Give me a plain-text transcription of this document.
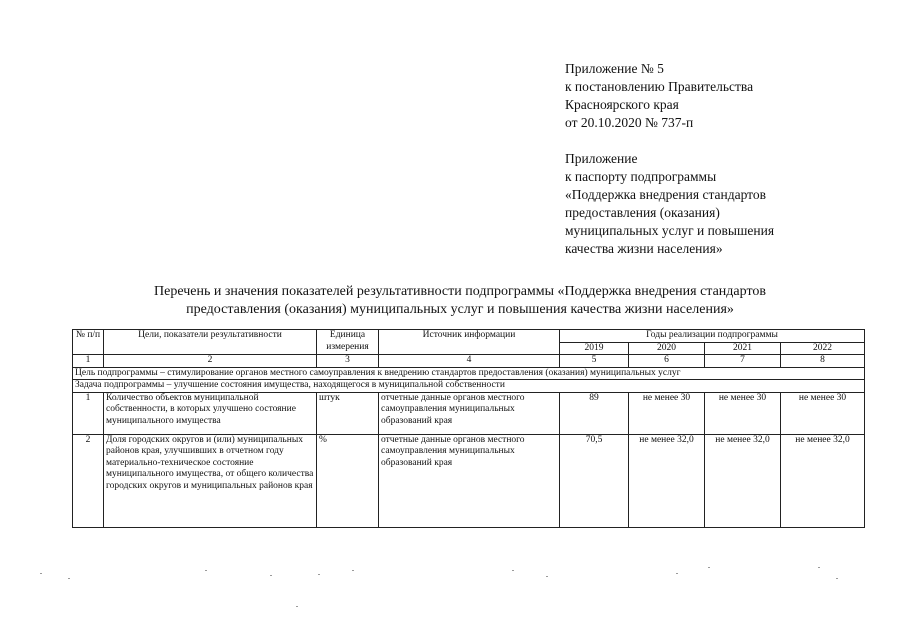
Приложение № 5
к постановлению Правительства
Красноярского края
от 20.10.2020 № 737-п
Приложение
к паспорту подпрограммы
«Поддержка внедрения стандартов
предоставления (оказания)
муниципальных услуг и повышения
качества жизни населения»
Перечень и значения показателей результативности подпрограммы «Поддержка внедрения стандартов
предоставления (оказания) муниципальных услуг и повышения качества жизни населения»
№ п/п	Цели, показатели результативности	Единица измерения	Источник информации	Годы реализации подпрограммы			
				2019	2020	2021	2022
1	2	3	4	5	6	7	8
Цель подпрограммы – стимулирование органов местного самоуправления к внедрению стандартов предоставления (оказания) муниципальных услуг							
Задача подпрограммы – улучшение состояния имущества, находящегося в муниципальной собственности							
1	Количество объектов муниципальной собственности, в которых улучшено состояние муниципального имущества	штук	отчетные данные органов местного самоуправления муниципальных образований края	89	не менее 30	не менее 30	не менее 30
2	Доля городских округов и (или) муниципальных районов края, улучшивших в отчетном году материально-техническое состояние муниципального имущества, от общего количества городских округов и муниципальных районов края	%	отчетные данные органов местного самоуправления муниципальных образований края	70,5	не менее 32,0	не менее 32,0	не менее 32,0
